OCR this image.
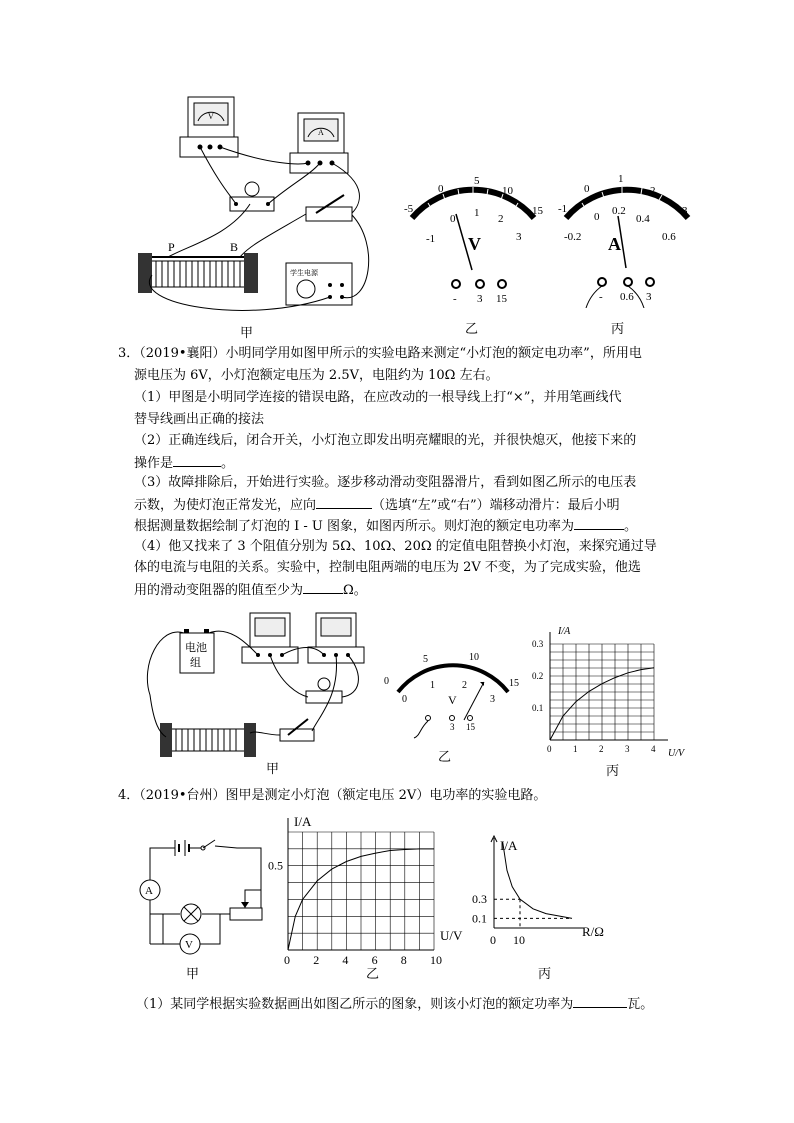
V
A
P	B
学生电源
甲
-5
0
5
10
15
-1
0 1 2
3
V
- 3 15
乙
-1
0
1
2
3
-0.2
0 0.2
0.4
0.6
A
- 0.6 3
丙
3．（2019•襄阳）小明同学用如图甲所示的实验电路来测定“小灯泡的额定电功率”，所用电
源电压为 6V，小灯泡额定电压为 2.5V，电阻约为 10Ω 左右。
（1）甲图是小明同学连接的错误电路，在应改动的一根导线上打“×”，并用笔画线代
替导线画出正确的接法
（2）正确连线后，闭合开关，小灯泡立即发出明亮耀眼的光，并很快熄灭，他接下来的
操作是	。
（3）故障排除后，开始进行实验。逐步移动滑动变阻器滑片，看到如图乙所示的电压表
示数，为使灯泡正常发光，应向	（选填“左”或“右”）端移动滑片：最后小明
根据测量数据绘制了灯泡的 I - U 图象，如图丙所示。则灯泡的额定电功率为	。
（4）他又找来了 3 个阻值分别为 5Ω、10Ω、20Ω 的定值电阻替换小灯泡，来探究通过导
体的电流与电阻的关系。实验中，控制电阻两端的电压为 2V 不变，为了完成实验，他选
用的滑动变阻器的阻值至少为	Ω。
电池
组
甲
0
5	10
15
0
1	2
3
V
3 15
乙
0 1 2 3 4
0.1
0.2
0.3
I/A
U/V
丙
4．（2019•台州）图甲是测定小灯泡（额定电压 2V）电功率的实验电路。
A
V
甲
0 2 4 6 8 10
0.5
I/A
U/V
乙
0 10
0.1
0.3
I/A
R/Ω
丙
（1）某同学根据实验数据画出如图乙所示的图象，则该小灯泡的额定功率为	瓦。
